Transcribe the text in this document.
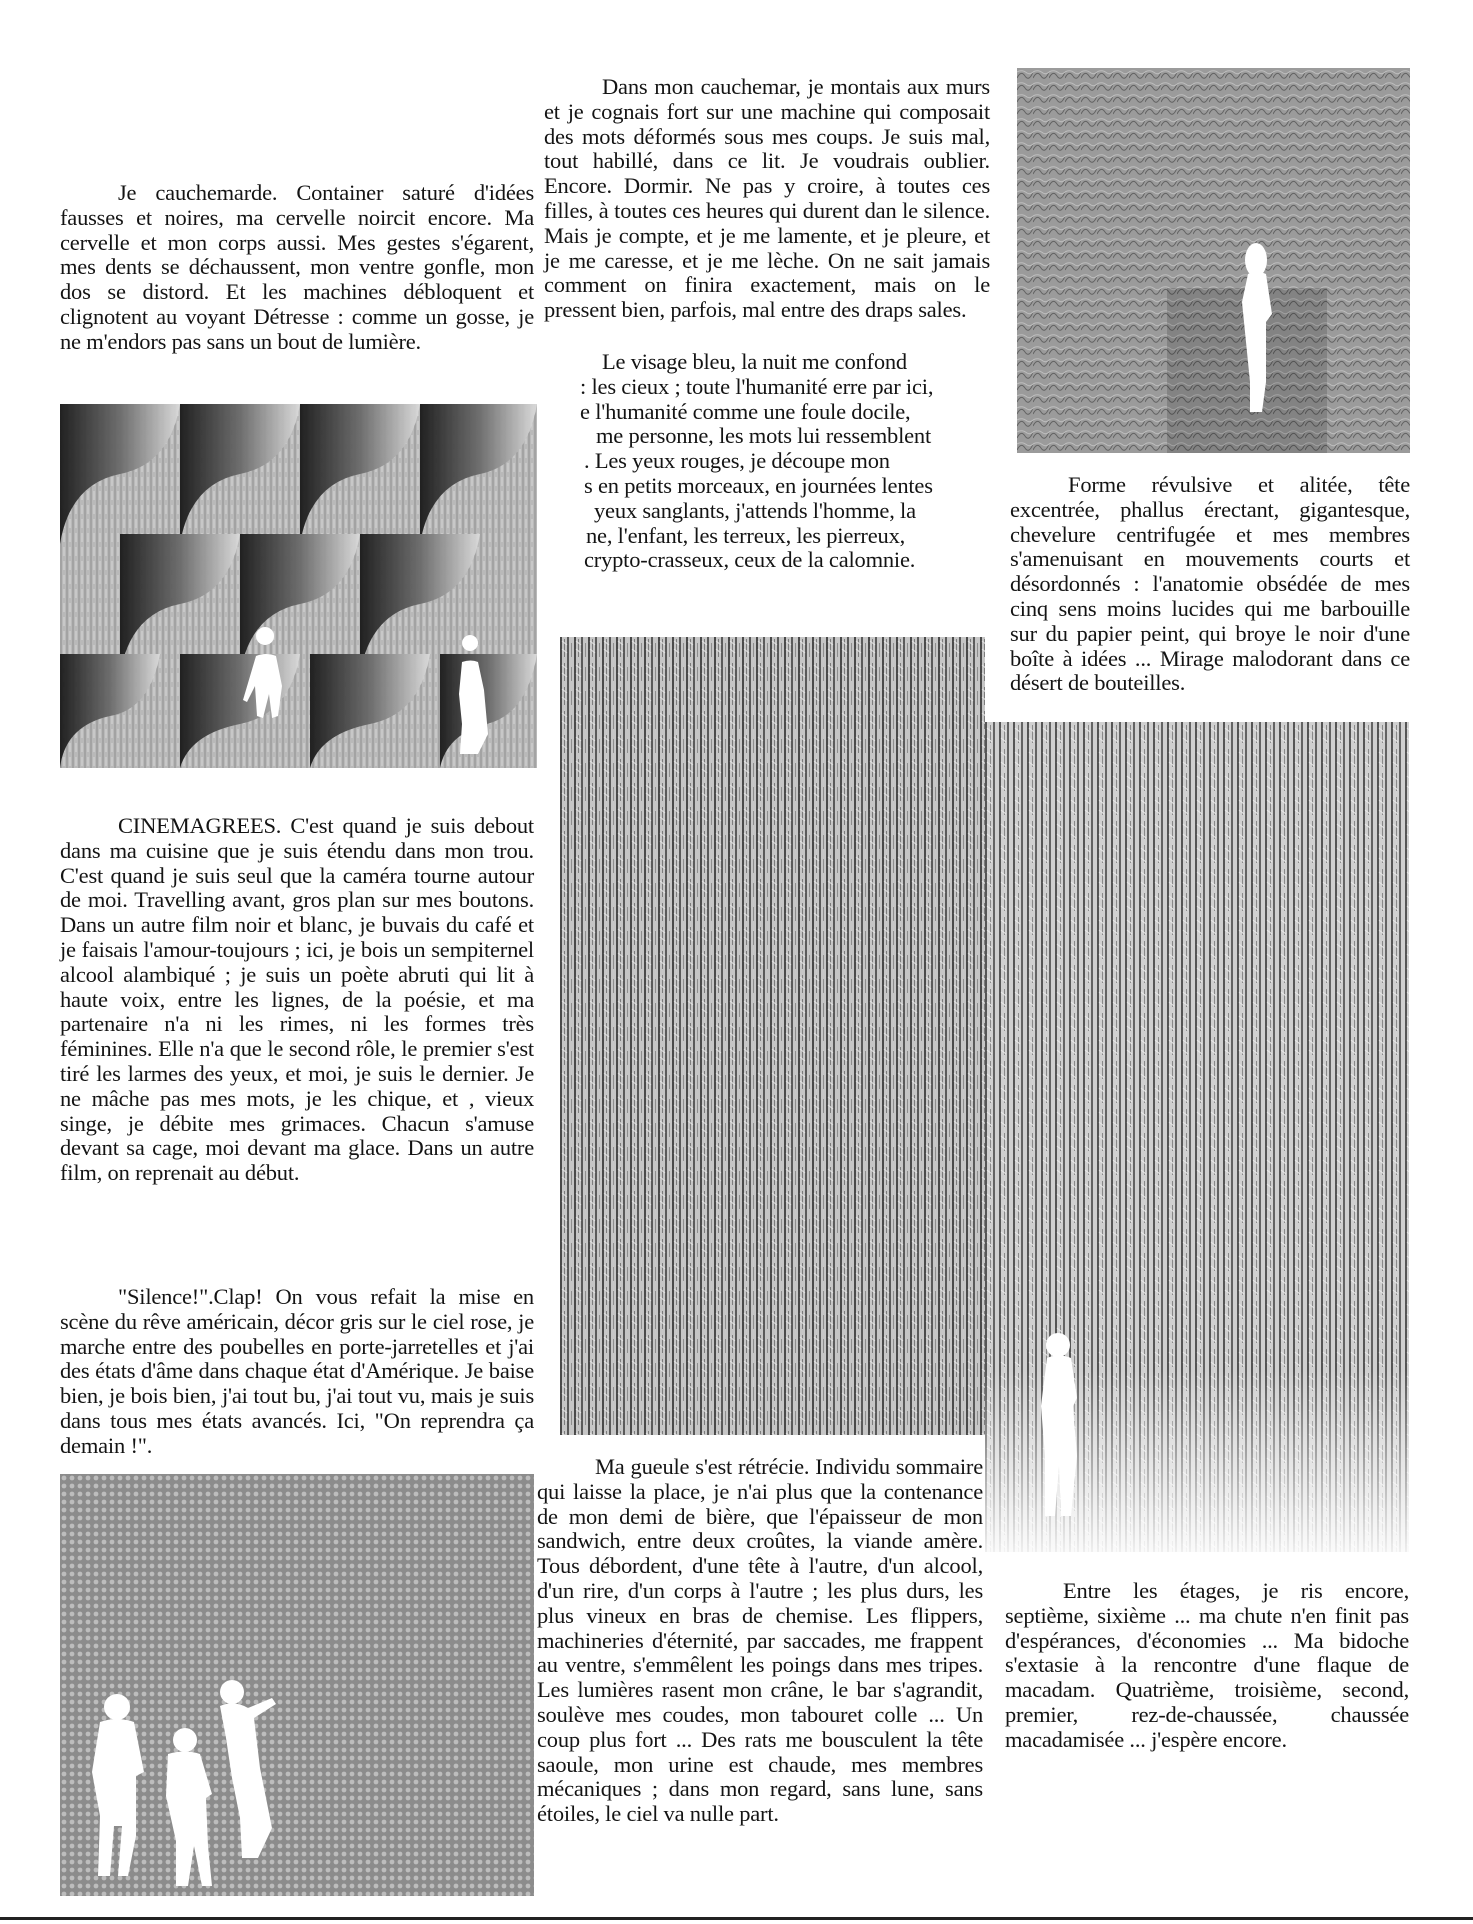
Je cauchemarde. Container saturé d'idées fausses et noires, ma cervelle noircit encore. Ma cervelle et mon corps aussi. Mes gestes s'égarent, mes dents se déchaussent, mon ventre gonfle, mon dos se distord. Et les machines débloquent et clignotent au voyant Détresse : comme un gosse, je ne m'endors pas sans un bout de lumière.

CINEMAGREES. C'est quand je suis debout dans ma cuisine que je suis étendu dans mon trou. C'est quand je suis seul que la caméra tourne autour de moi. Travelling avant, gros plan sur mes boutons. Dans un autre film noir et blanc, je buvais du café et je faisais l'amour-toujours ; ici, je bois un sempiternel alcool alambiqué ; je suis un poète abruti qui lit à haute voix, entre les lignes, de la poésie, et ma partenaire n'a ni les rimes, ni les formes très féminines. Elle n'a que le second rôle, le premier s'est tiré les larmes des yeux, et moi, je suis le dernier. Je ne mâche pas mes mots, je les chique, et , vieux singe, je débite mes grimaces. Chacun s'amuse devant sa cage, moi devant ma glace. Dans un autre film, on reprenait au début.

"Silence!".Clap! On vous refait la mise en scène du rêve américain, décor gris sur le ciel rose, je marche entre des poubelles en porte-jarretelles et j'ai des états d'âme dans chaque état d'Amérique. Je baise bien, je bois bien, j'ai tout bu, j'ai tout vu, mais je suis dans tous mes états avancés. Ici, "On reprendra ça demain !".

Dans mon cauchemar, je montais aux murs et je cognais fort sur une machine qui composait des mots déformés sous mes coups. Je suis mal, tout habillé, dans ce lit. Je voudrais oublier. Encore. Dormir. Ne pas y croire, à toutes ces filles, à toutes ces heures qui durent dan le silence. Mais je compte, et je me lamente, et je pleure, et je me caresse, et je me lèche. On ne sait jamais comment on finira exactement, mais on le pressent bien, parfois, mal entre des draps sales.

Le visage bleu, la nuit me confond
: les cieux ; toute l'humanité erre par ici,
e l'humanité comme une foule docile,
me personne, les mots lui ressemblent
. Les yeux rouges, je découpe mon
s en petits morceaux, en journées lentes
yeux sanglants, j'attends l'homme, la
ne, l'enfant, les terreux, les pierreux,
crypto-crasseux, ceux de la calomnie.

Ma gueule s'est rétrécie. Individu sommaire qui laisse la place, je n'ai plus que la contenance de mon demi de bière, que l'épaisseur de mon sandwich, entre deux croûtes, la viande amère. Tous débordent, d'une tête à l'autre, d'un alcool, d'un rire, d'un corps à l'autre ; les plus durs, les plus vineux en bras de chemise. Les flippers, machineries d'éternité, par saccades, me frappent au ventre, s'emmêlent les poings dans mes tripes. Les lumières rasent mon crâne, le bar s'agrandit, soulève mes coudes, mon tabouret colle ... Un coup plus fort ... Des rats me bousculent la tête saoule, mon urine est chaude, mes membres mécaniques ; dans mon regard, sans lune, sans étoiles, le ciel va nulle part.

Forme révulsive et alitée, tête excentrée, phallus érectant, gigantesque, chevelure centrifugée et mes membres s'amenuisant en mouvements courts et désordonnés : l'anatomie obsédée de mes cinq sens moins lucides qui me barbouille sur du papier peint, qui broye le noir d'une boîte à idées ... Mirage malodorant dans ce désert de bouteilles.

Entre les étages, je ris encore, septième, sixième ... ma chute n'en finit pas d'espérances, d'économies ... Ma bidoche s'extasie à la rencontre d'une flaque de macadam. Quatrième, troisième, second, premier, rez-de-chaussée, chaussée macadamisée ... j'espère encore.
